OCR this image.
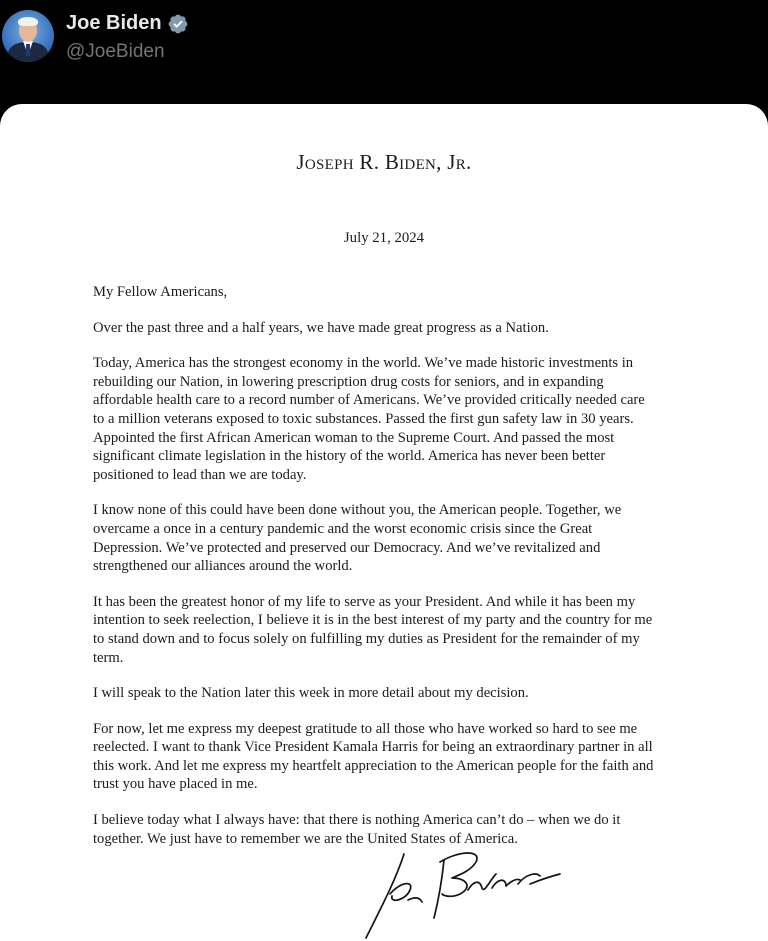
Joe Biden
@JoeBiden
Joseph R. Biden, Jr.
July 21, 2024

My Fellow Americans,

Over the past three and a half years, we have made great progress as a Nation.

Today, America has the strongest economy in the world. We’ve made historic investments in
rebuilding our Nation, in lowering prescription drug costs for seniors, and in expanding
affordable health care to a record number of Americans. We’ve provided critically needed care
to a million veterans exposed to toxic substances. Passed the first gun safety law in 30 years.
Appointed the first African American woman to the Supreme Court. And passed the most
significant climate legislation in the history of the world. America has never been better
positioned to lead than we are today.

I know none of this could have been done without you, the American people. Together, we
overcame a once in a century pandemic and the worst economic crisis since the Great
Depression. We’ve protected and preserved our Democracy. And we’ve revitalized and
strengthened our alliances around the world.

It has been the greatest honor of my life to serve as your President. And while it has been my
intention to seek reelection, I believe it is in the best interest of my party and the country for me
to stand down and to focus solely on fulfilling my duties as President for the remainder of my
term.

I will speak to the Nation later this week in more detail about my decision.

For now, let me express my deepest gratitude to all those who have worked so hard to see me
reelected. I want to thank Vice President Kamala Harris for being an extraordinary partner in all
this work. And let me express my heartfelt appreciation to the American people for the faith and
trust you have placed in me.

I believe today what I always have: that there is nothing America can’t do – when we do it
together. We just have to remember we are the United States of America.
